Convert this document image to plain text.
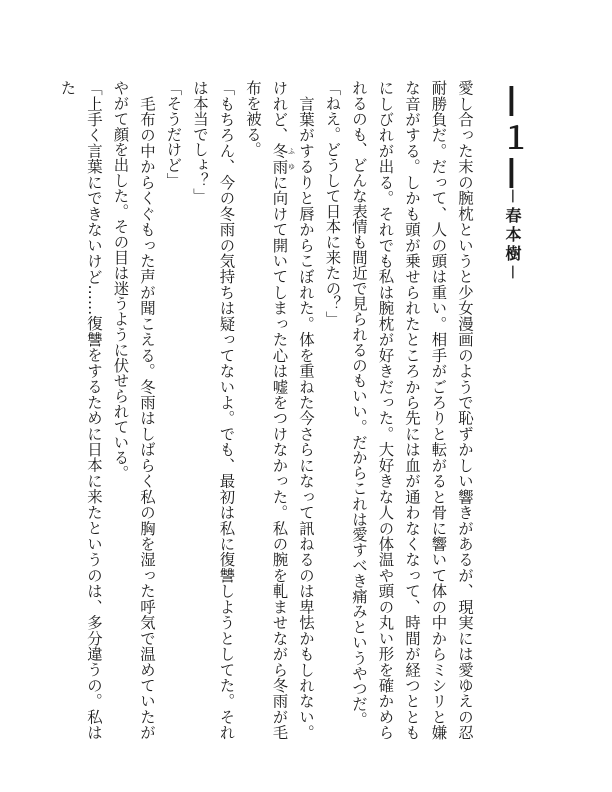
―１―
－春本樹－

愛し合った末の腕枕というと少女漫画のようで恥ずかしい響きがあるが、現実には愛ゆえの忍耐勝負だ。だって、人の頭は重い。相手がごろりと転がると骨に響いて体の中からミシリと嫌な音がする。しかも頭が乗せられたところから先には血が通わなくなって、時間が経つとともにしびれが出る。それでも私は腕枕が好きだった。大好きな人の体温や頭の丸い形を確かめられるのも、どんな表情も間近で見られるのもいい。だからこれは愛すべき痛みというやつだ。

「ねえ。どうして日本に来たの？」

　言葉がするりと唇からこぼれた。体を重ねた今さらになって訊ねるのは卑怯かもしれない。けれど、冬雨 ふゆに向けて開いてしまった心は嘘をつけなかった。私の腕を軋ませながら冬雨が毛布を被る。

「もちろん、今の冬雨の気持ちは疑ってないよ。でも、最初は私に復讐しようとしてた。それは本当でしょ？」

「そうだけど」

　毛布の中からくぐもった声が聞こえる。冬雨はしばらく私の胸を湿った呼気で温めていたがやがて顔を出した。その目は迷うように伏せられている。

「上手く言葉にできないけど……復讐をするために日本に来たというのは、多分違うの。私はた
